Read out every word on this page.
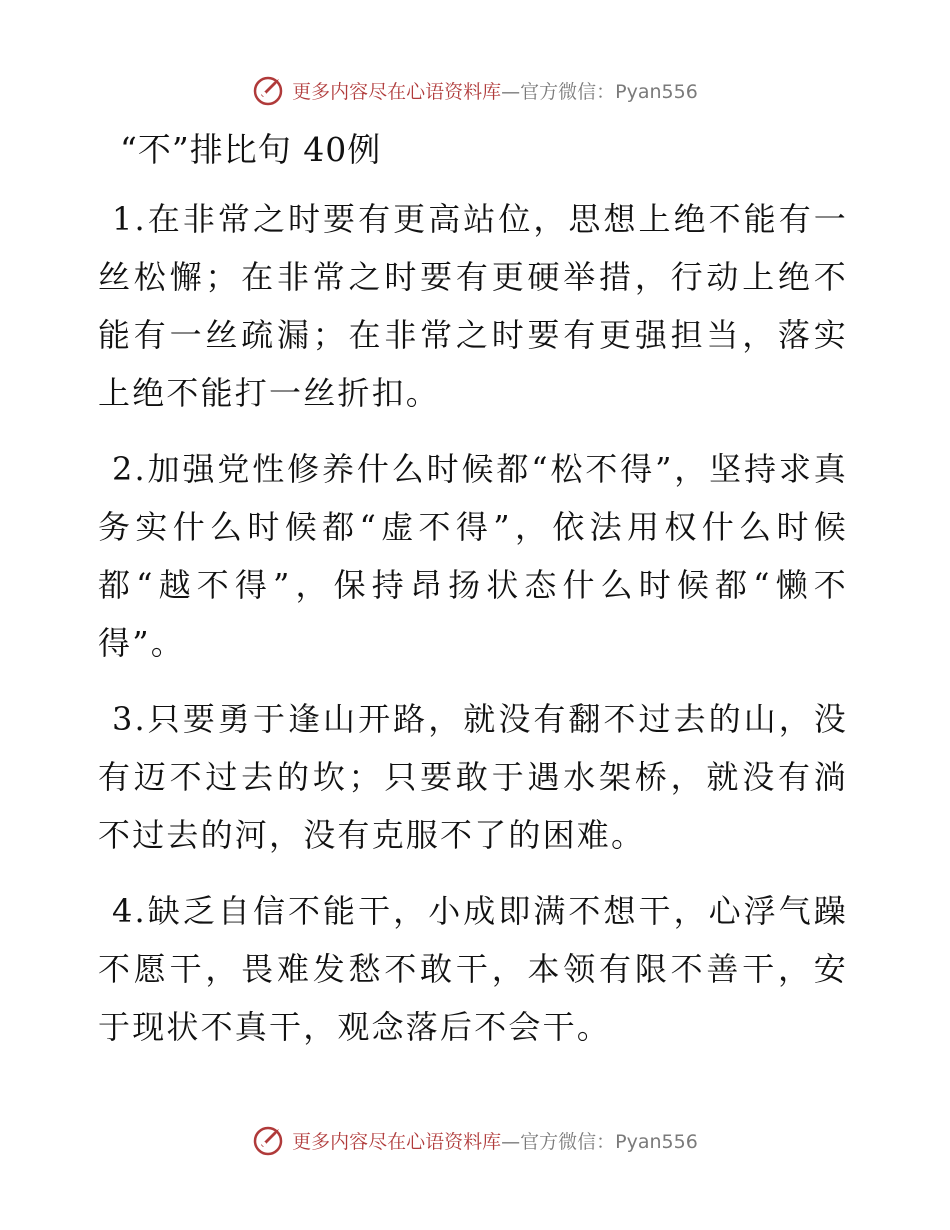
更多内容尽在心语资料库—官方微信：Pyan556
“不”排比句 40例

1.在非常之时要有更高站位，思想上绝不能有一丝松懈；在非常之时要有更硬举措，行动上绝不能有一丝疏漏；在非常之时要有更强担当，落实上绝不能打一丝折扣。

2.加强党性修养什么时候都“松不得”，坚持求真务实什么时候都“虚不得”，依法用权什么时候都“越不得”，保持昂扬状态什么时候都“懒不得”。

3.只要勇于逢山开路，就没有翻不过去的山，没有迈不过去的坎；只要敢于遇水架桥，就没有淌不过去的河，没有克服不了的困难。

4.缺乏自信不能干，小成即满不想干，心浮气躁不愿干，畏难发愁不敢干，本领有限不善干，安于现状不真干，观念落后不会干。

更多内容尽在心语资料库—官方微信：Pyan556
